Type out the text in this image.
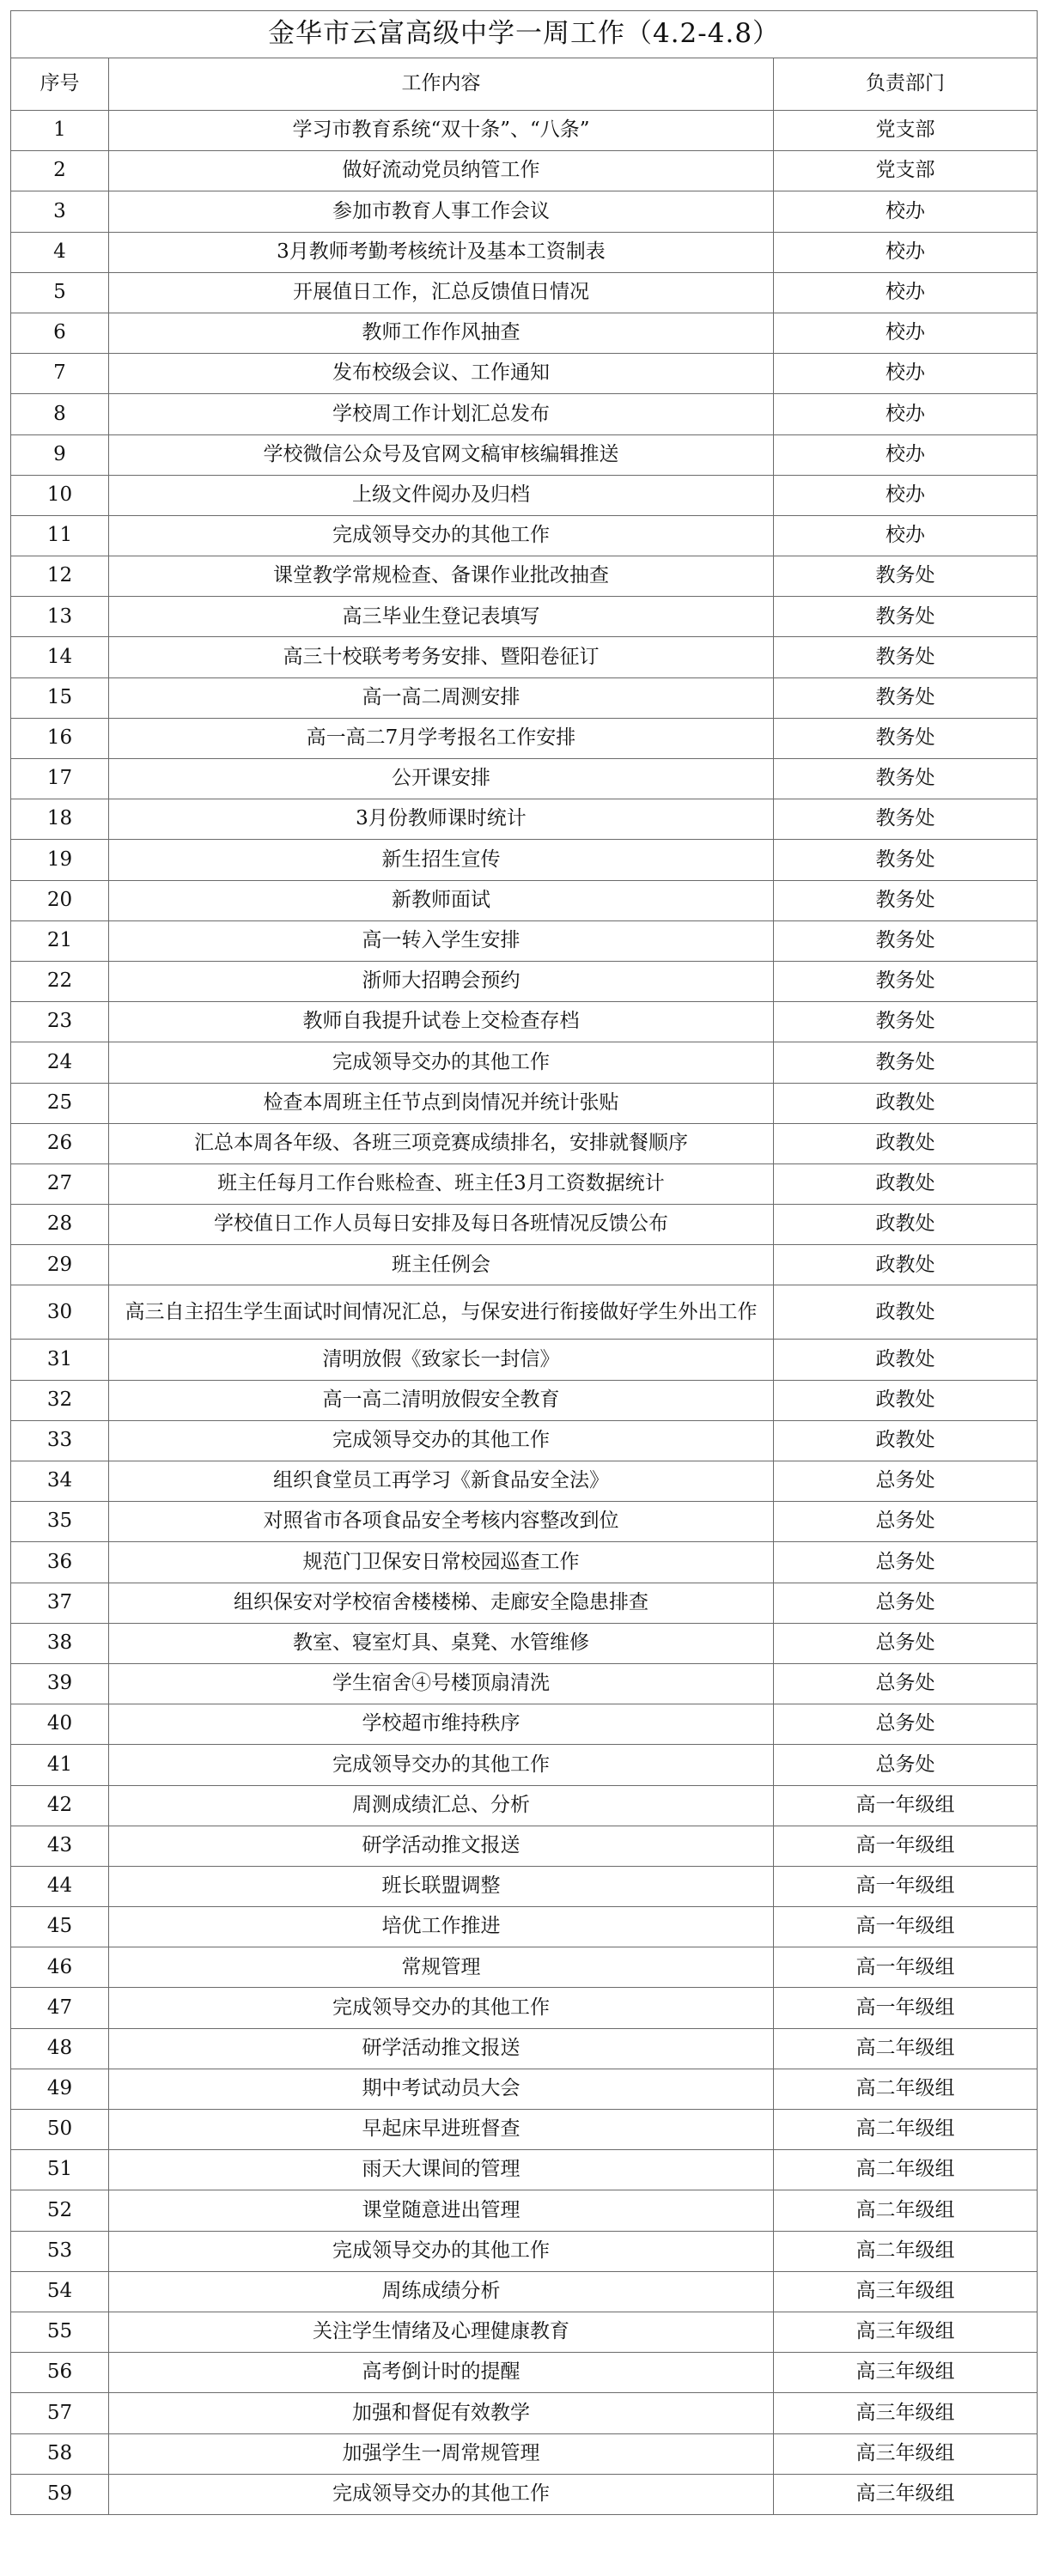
金华市云富高级中学一周工作（4.2-4.8）		
序号	工作内容	负责部门
1	学习市教育系统“双十条”、“八条”	党支部
2	做好流动党员纳管工作	党支部
3	参加市教育人事工作会议	校办
4	3月教师考勤考核统计及基本工资制表	校办
5	开展值日工作，汇总反馈值日情况	校办
6	教师工作作风抽查	校办
7	发布校级会议、工作通知	校办
8	学校周工作计划汇总发布	校办
9	学校微信公众号及官网文稿审核编辑推送	校办
10	上级文件阅办及归档	校办
11	完成领导交办的其他工作	校办
12	课堂教学常规检查、备课作业批改抽查	教务处
13	高三毕业生登记表填写	教务处
14	高三十校联考考务安排、暨阳卷征订	教务处
15	高一高二周测安排	教务处
16	高一高二7月学考报名工作安排	教务处
17	公开课安排	教务处
18	3月份教师课时统计	教务处
19	新生招生宣传	教务处
20	新教师面试	教务处
21	高一转入学生安排	教务处
22	浙师大招聘会预约	教务处
23	教师自我提升试卷上交检查存档	教务处
24	完成领导交办的其他工作	教务处
25	检查本周班主任节点到岗情况并统计张贴	政教处
26	汇总本周各年级、各班三项竞赛成绩排名，安排就餐顺序	政教处
27	班主任每月工作台账检查、班主任3月工资数据统计	政教处
28	学校值日工作人员每日安排及每日各班情况反馈公布	政教处
29	班主任例会	政教处
30	高三自主招生学生面试时间情况汇总，与保安进行衔接做好学生外出工作	政教处
31	清明放假《致家长一封信》	政教处
32	高一高二清明放假安全教育	政教处
33	完成领导交办的其他工作	政教处
34	组织食堂员工再学习《新食品安全法》	总务处
35	对照省市各项食品安全考核内容整改到位	总务处
36	规范门卫保安日常校园巡查工作	总务处
37	组织保安对学校宿舍楼楼梯、走廊安全隐患排查	总务处
38	教室、寝室灯具、桌凳、水管维修	总务处
39	学生宿舍④号楼顶扇清洗	总务处
40	学校超市维持秩序	总务处
41	完成领导交办的其他工作	总务处
42	周测成绩汇总、分析	高一年级组
43	研学活动推文报送	高一年级组
44	班长联盟调整	高一年级组
45	培优工作推进	高一年级组
46	常规管理	高一年级组
47	完成领导交办的其他工作	高一年级组
48	研学活动推文报送	高二年级组
49	期中考试动员大会	高二年级组
50	早起床早进班督查	高二年级组
51	雨天大课间的管理	高二年级组
52	课堂随意进出管理	高二年级组
53	完成领导交办的其他工作	高二年级组
54	周练成绩分析	高三年级组
55	关注学生情绪及心理健康教育	高三年级组
56	高考倒计时的提醒	高三年级组
57	加强和督促有效教学	高三年级组
58	加强学生一周常规管理	高三年级组
59	完成领导交办的其他工作	高三年级组
